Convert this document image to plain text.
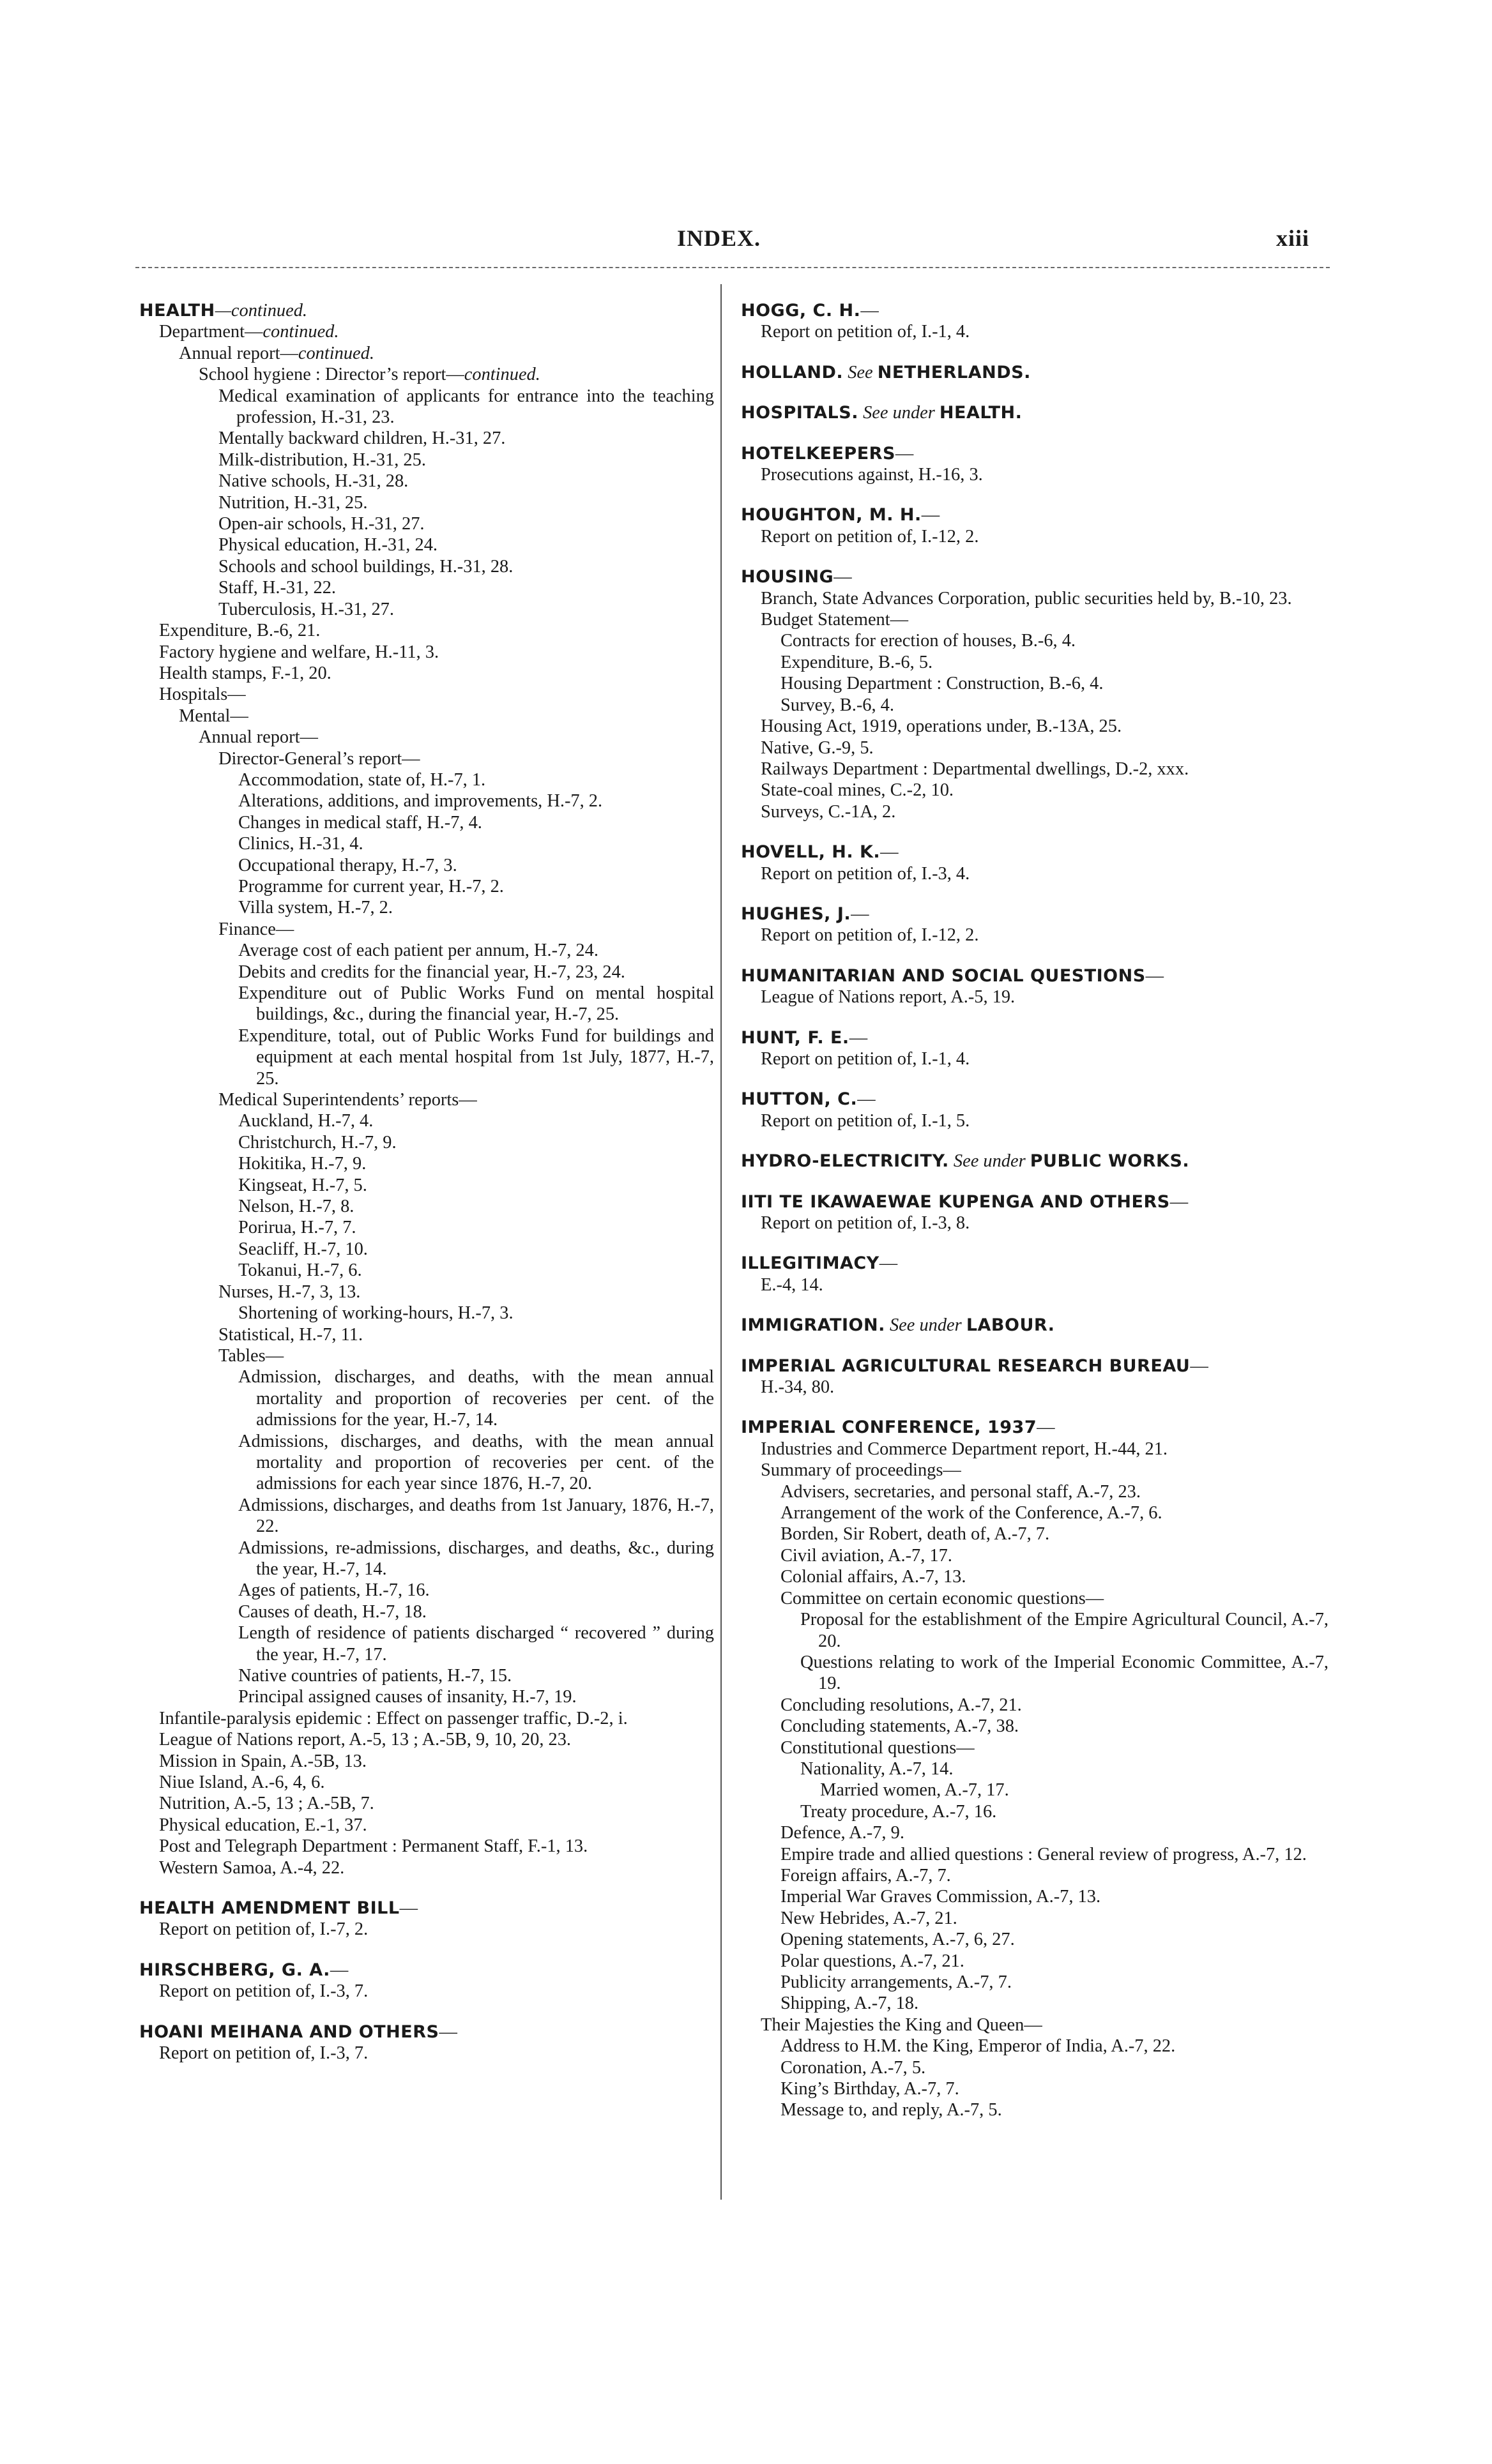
INDEX.	xiii
HEALTH—continued.
Department—continued.
Annual report—continued.
School hygiene : Director’s report—continued.
Medical examination of applicants for entrance into the teaching profession, H.-31, 23.
Mentally backward children, H.-31, 27.
Milk-distribution, H.-31, 25.
Native schools, H.-31, 28.
Nutrition, H.-31, 25.
Open-air schools, H.-31, 27.
Physical education, H.-31, 24.
Schools and school buildings, H.-31, 28.
Staff, H.-31, 22.
Tuberculosis, H.-31, 27.
Expenditure, B.-6, 21.
Factory hygiene and welfare, H.-11, 3.
Health stamps, F.-1, 20.
Hospitals—
Mental—
Annual report—
Director-General’s report—
Accommodation, state of, H.-7, 1.
Alterations, additions, and improvements, H.-7, 2.
Changes in medical staff, H.-7, 4.
Clinics, H.-31, 4.
Occupational therapy, H.-7, 3.
Programme for current year, H.-7, 2.
Villa system, H.-7, 2.
Finance—
Average cost of each patient per annum, H.-7, 24.
Debits and credits for the financial year, H.-7, 23, 24.
Expenditure out of Public Works Fund on mental hospital buildings, &c., during the financial year, H.-7, 25.
Expenditure, total, out of Public Works Fund for buildings and equipment at each mental hospital from 1st July, 1877, H.-7, 25.
Medical Superintendents’ reports—
Auckland, H.-7, 4.
Christchurch, H.-7, 9.
Hokitika, H.-7, 9.
Kingseat, H.-7, 5.
Nelson, H.-7, 8.
Porirua, H.-7, 7.
Seacliff, H.-7, 10.
Tokanui, H.-7, 6.
Nurses, H.-7, 3, 13.
Shortening of working-hours, H.-7, 3.
Statistical, H.-7, 11.
Tables—
Admission, discharges, and deaths, with the mean annual mortality and proportion of recoveries per cent. of the admissions for the year, H.-7, 14.
Admissions, discharges, and deaths, with the mean annual mortality and proportion of recoveries per cent. of the admissions for each year since 1876, H.-7, 20.
Admissions, discharges, and deaths from 1st January, 1876, H.-7, 22.
Admissions, re-admissions, discharges, and deaths, &c., during the year, H.-7, 14.
Ages of patients, H.-7, 16.
Causes of death, H.-7, 18.
Length of residence of patients discharged “ recovered ” during the year, H.-7, 17.
Native countries of patients, H.-7, 15.
Principal assigned causes of insanity, H.-7, 19.
Infantile-paralysis epidemic : Effect on passenger traffic, D.-2, i.
League of Nations report, A.-5, 13 ; A.-5B, 9, 10, 20, 23.
Mission in Spain, A.-5B, 13.
Niue Island, A.-6, 4, 6.
Nutrition, A.-5, 13 ; A.-5B, 7.
Physical education, E.-1, 37.
Post and Telegraph Department : Permanent Staff, F.-1, 13.
Western Samoa, A.-4, 22.
HEALTH AMENDMENT BILL—
Report on petition of, I.-7, 2.
HIRSCHBERG, G. A.—
Report on petition of, I.-3, 7.
HOANI MEIHANA AND OTHERS—
Report on petition of, I.-3, 7.
HOGG, C. H.—
Report on petition of, I.-1, 4.
HOLLAND. See NETHERLANDS.
HOSPITALS. See under HEALTH.
HOTELKEEPERS—
Prosecutions against, H.-16, 3.
HOUGHTON, M. H.—
Report on petition of, I.-12, 2.
HOUSING—
Branch, State Advances Corporation, public securities held by, B.-10, 23.
Budget Statement—
Contracts for erection of houses, B.-6, 4.
Expenditure, B.-6, 5.
Housing Department : Construction, B.-6, 4.
Survey, B.-6, 4.
Housing Act, 1919, operations under, B.-13A, 25.
Native, G.-9, 5.
Railways Department : Departmental dwellings, D.-2, xxx.
State-coal mines, C.-2, 10.
Surveys, C.-1A, 2.
HOVELL, H. K.—
Report on petition of, I.-3, 4.
HUGHES, J.—
Report on petition of, I.-12, 2.
HUMANITARIAN AND SOCIAL QUESTIONS—
League of Nations report, A.-5, 19.
HUNT, F. E.—
Report on petition of, I.-1, 4.
HUTTON, C.—
Report on petition of, I.-1, 5.
HYDRO-ELECTRICITY. See under PUBLIC WORKS.
IITI TE IKAWAEWAE KUPENGA AND OTHERS—
Report on petition of, I.-3, 8.
ILLEGITIMACY—
E.-4, 14.
IMMIGRATION. See under LABOUR.
IMPERIAL AGRICULTURAL RESEARCH BUREAU—
H.-34, 80.
IMPERIAL CONFERENCE, 1937—
Industries and Commerce Department report, H.-44, 21.
Summary of proceedings—
Advisers, secretaries, and personal staff, A.-7, 23.
Arrangement of the work of the Conference, A.-7, 6.
Borden, Sir Robert, death of, A.-7, 7.
Civil aviation, A.-7, 17.
Colonial affairs, A.-7, 13.
Committee on certain economic questions—
Proposal for the establishment of the Empire Agricultural Council, A.-7, 20.
Questions relating to work of the Imperial Economic Committee, A.-7, 19.
Concluding resolutions, A.-7, 21.
Concluding statements, A.-7, 38.
Constitutional questions—
Nationality, A.-7, 14.
Married women, A.-7, 17.
Treaty procedure, A.-7, 16.
Defence, A.-7, 9.
Empire trade and allied questions : General review of progress, A.-7, 12.
Foreign affairs, A.-7, 7.
Imperial War Graves Commission, A.-7, 13.
New Hebrides, A.-7, 21.
Opening statements, A.-7, 6, 27.
Polar questions, A.-7, 21.
Publicity arrangements, A.-7, 7.
Shipping, A.-7, 18.
Their Majesties the King and Queen—
Address to H.M. the King, Emperor of India, A.-7, 22.
Coronation, A.-7, 5.
King’s Birthday, A.-7, 7.
Message to, and reply, A.-7, 5.
